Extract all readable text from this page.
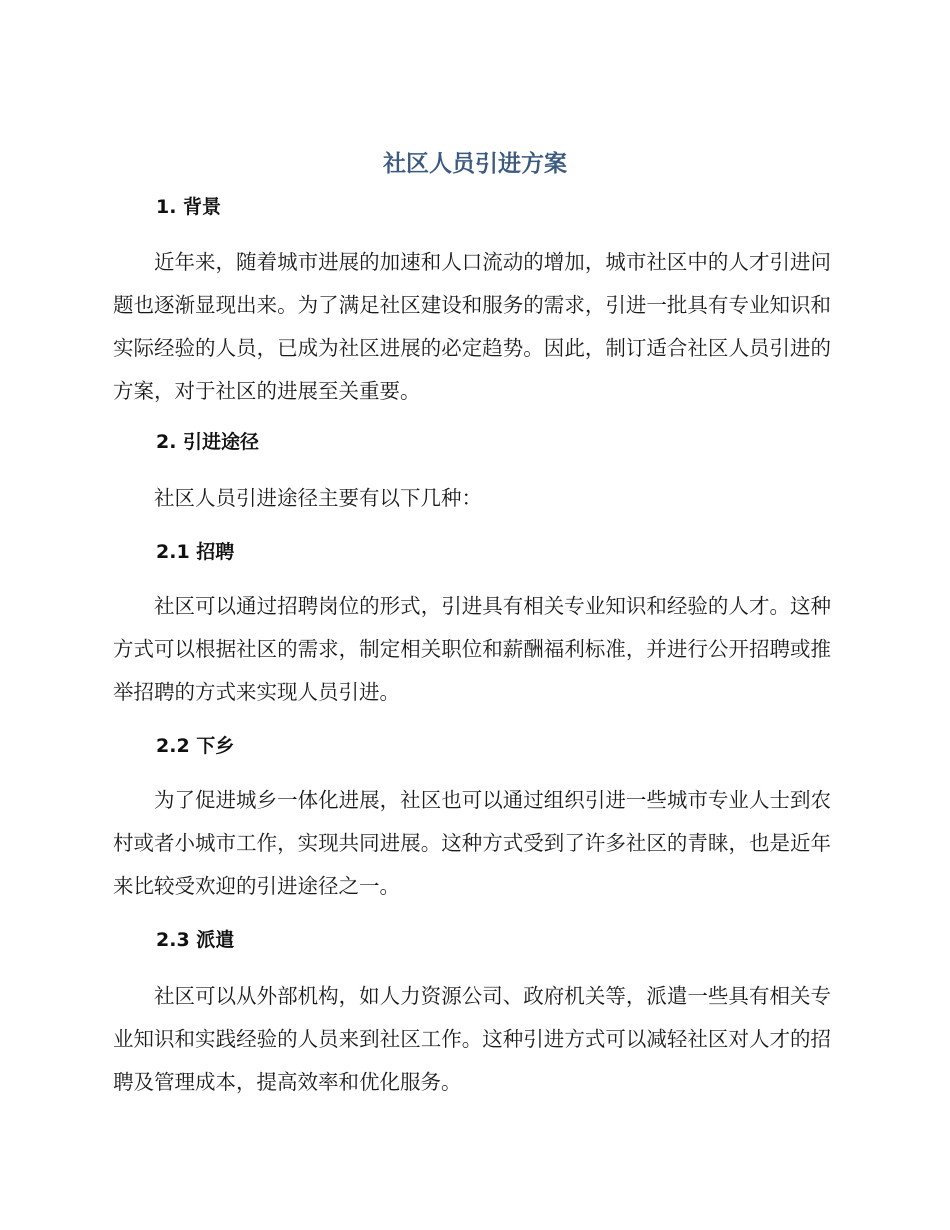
社区人员引进方案
1. 背景

近年来，随着城市进展的加速和人口流动的增加，城市社区中的人才引进问题也逐渐显现出来。为了满足社区建设和服务的需求，引进一批具有专业知识和实际经验的人员，已成为社区进展的必定趋势。因此，制订适合社区人员引进的方案，对于社区的进展至关重要。

2. 引进途径

社区人员引进途径主要有以下几种：

2.1 招聘

社区可以通过招聘岗位的形式，引进具有相关专业知识和经验的人才。这种方式可以根据社区的需求，制定相关职位和薪酬福利标准，并进行公开招聘或推举招聘的方式来实现人员引进。

2.2 下乡

为了促进城乡一体化进展，社区也可以通过组织引进一些城市专业人士到农村或者小城市工作，实现共同进展。这种方式受到了许多社区的青睐，也是近年来比较受欢迎的引进途径之一。

2.3 派遣

社区可以从外部机构，如人力资源公司、政府机关等，派遣一些具有相关专业知识和实践经验的人员来到社区工作。这种引进方式可以减轻社区对人才的招聘及管理成本，提高效率和优化服务。
